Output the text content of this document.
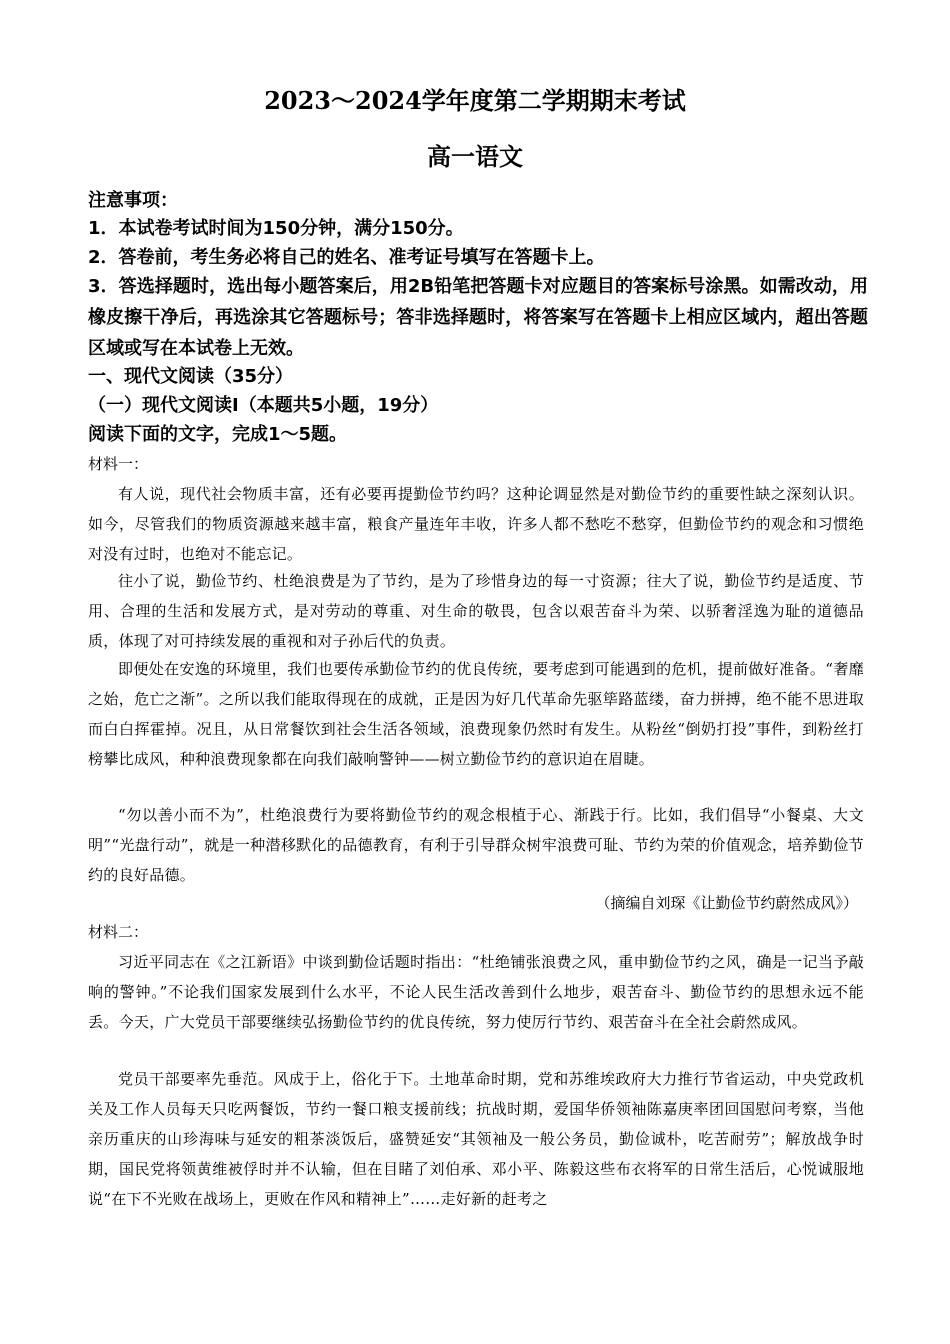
2023～2024学年度第二学期期末考试
高一语文
注意事项：
1．本试卷考试时间为150分钟，满分150分。
2．答卷前，考生务必将自己的姓名、准考证号填写在答题卡上。
3．答选择题时，选出每小题答案后，用2B铅笔把答题卡对应题目的答案标号涂黑。如需改动，用橡皮擦干净后，再选涂其它答题标号；答非选择题时，将答案写在答题卡上相应区域内，超出答题区域或写在本试卷上无效。
一、现代文阅读（35分）
（一）现代文阅读Ⅰ（本题共5小题，19分）
阅读下面的文字，完成1～5题。
材料一：
有人说，现代社会物质丰富，还有必要再提勤俭节约吗？这种论调显然是对勤俭节约的重要性缺之深刻认识。如今，尽管我们的物质资源越来越丰富，粮食产量连年丰收，许多人都不愁吃不愁穿，但勤俭节约的观念和习惯绝对没有过时，也绝对不能忘记。
往小了说，勤俭节约、杜绝浪费是为了节约，是为了珍惜身边的每一寸资源；往大了说，勤俭节约是适度、节用、合理的生活和发展方式，是对劳动的尊重、对生命的敬畏，包含以艰苦奋斗为荣、以骄奢淫逸为耻的道德品质，体现了对可持续发展的重视和对子孙后代的负责。
即便处在安逸的环境里，我们也要传承勤俭节约的优良传统，要考虑到可能遇到的危机，提前做好准备。“奢靡之始，危亡之渐”。之所以我们能取得现在的成就，正是因为好几代革命先驱筚路蓝缕，奋力拼搏，绝不能不思进取而白白挥霍掉。况且，从日常餐饮到社会生活各领域，浪费现象仍然时有发生。从粉丝“倒奶打投”事件，到粉丝打榜攀比成风，种种浪费现象都在向我们敲响警钟——树立勤俭节约的意识迫在眉睫。
“勿以善小而不为”，杜绝浪费行为要将勤俭节约的观念根植于心、渐践于行。比如，我们倡导“小餐桌、大文明”“光盘行动”，就是一种潜移默化的品德教育，有利于引导群众树牢浪费可耻、节约为荣的价值观念，培养勤俭节约的良好品德。
（摘编自刘琛《让勤俭节约蔚然成风》）
材料二：
习近平同志在《之江新语》中谈到勤俭话题时指出：“杜绝铺张浪费之风，重申勤俭节约之风，确是一记当予敲响的警钟。”不论我们国家发展到什么水平，不论人民生活改善到什么地步，艰苦奋斗、勤俭节约的思想永远不能丢。今天，广大党员干部要继续弘扬勤俭节约的优良传统，努力使厉行节约、艰苦奋斗在全社会蔚然成风。
党员干部要率先垂范。风成于上，俗化于下。土地革命时期，党和苏维埃政府大力推行节省运动，中央党政机关及工作人员每天只吃两餐饭，节约一餐口粮支援前线；抗战时期，爱国华侨领袖陈嘉庚率团回国慰问考察，当他亲历重庆的山珍海味与延安的粗茶淡饭后，盛赞延安“其领袖及一般公务员，勤俭诚朴，吃苦耐劳”；解放战争时期，国民党将领黄维被俘时并不认输，但在目睹了刘伯承、邓小平、陈毅这些布衣将军的日常生活后，心悦诚服地说“在下不光败在战场上，更败在作风和精神上”……走好新的赶考之
